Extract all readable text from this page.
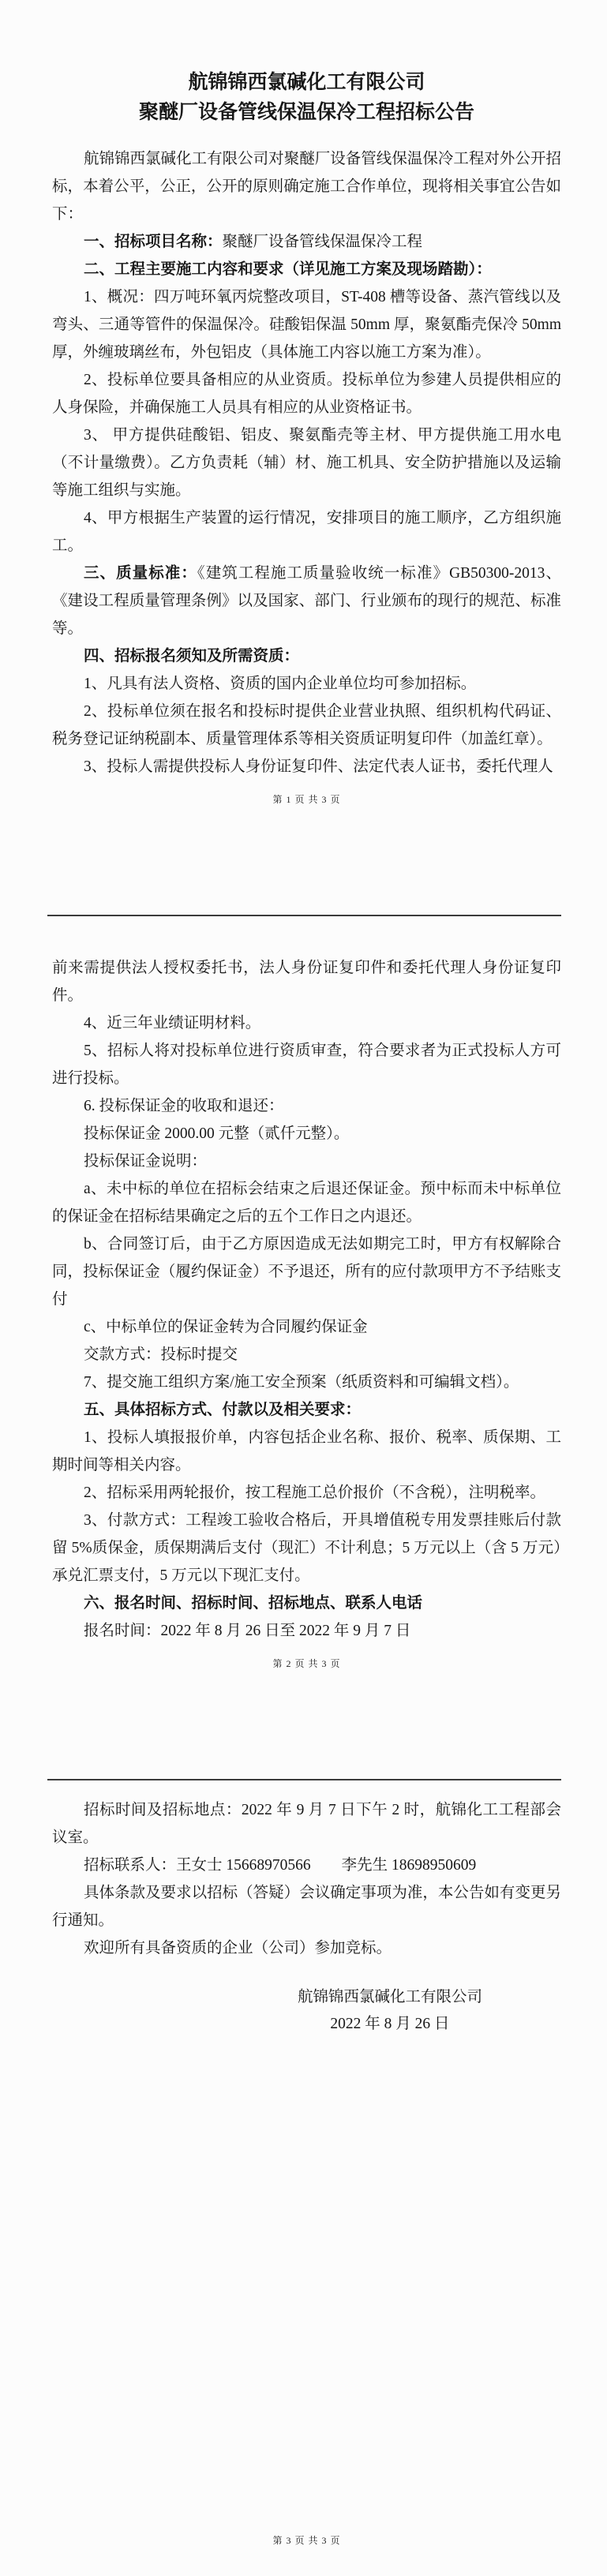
航锦锦西氯碱化工有限公司
聚醚厂设备管线保温保冷工程招标公告

航锦锦西氯碱化工有限公司对聚醚厂设备管线保温保冷工程对外公开招标，本着公平，公正，公开的原则确定施工合作单位，现将相关事宜公告如下：

一、招标项目名称：聚醚厂设备管线保温保冷工程

二、工程主要施工内容和要求（详见施工方案及现场踏勘）：

1、概况：四万吨环氧丙烷整改项目，ST-408 槽等设备、蒸汽管线以及弯头、三通等管件的保温保冷。硅酸铝保温 50mm 厚，聚氨酯壳保冷 50mm 厚，外缠玻璃丝布，外包铝皮（具体施工内容以施工方案为准）。

2、投标单位要具备相应的从业资质。投标单位为参建人员提供相应的人身保险，并确保施工人员具有相应的从业资格证书。

3、 甲方提供硅酸铝、铝皮、聚氨酯壳等主材、甲方提供施工用水电（不计量缴费）。乙方负责耗（辅）材、施工机具、安全防护措施以及运输等施工组织与实施。

4、甲方根据生产装置的运行情况，安排项目的施工顺序，乙方组织施工。

三、质量标准：《建筑工程施工质量验收统一标准》GB50300-2013、《建设工程质量管理条例》以及国家、部门、行业颁布的现行的规范、标准等。

四、招标报名须知及所需资质：

1、凡具有法人资格、资质的国内企业单位均可参加招标。

2、投标单位须在报名和投标时提供企业营业执照、组织机构代码证、税务登记证纳税副本、质量管理体系等相关资质证明复印件（加盖红章）。

3、投标人需提供投标人身份证复印件、法定代表人证书，委托代理人

第 1 页 共 3 页

前来需提供法人授权委托书，法人身份证复印件和委托代理人身份证复印件。

4、近三年业绩证明材料。

5、招标人将对投标单位进行资质审查，符合要求者为正式投标人方可进行投标。

6. 投标保证金的收取和退还：

投标保证金 2000.00 元整（贰仟元整）。

投标保证金说明：

a、未中标的单位在招标会结束之后退还保证金。预中标而未中标单位的保证金在招标结果确定之后的五个工作日之内退还。

b、合同签订后，由于乙方原因造成无法如期完工时，甲方有权解除合同，投标保证金（履约保证金）不予退还，所有的应付款项甲方不予结账支付

c、中标单位的保证金转为合同履约保证金

交款方式：投标时提交

7、提交施工组织方案/施工安全预案（纸质资料和可编辑文档）。

五、具体招标方式、付款以及相关要求：

1、投标人填报报价单，内容包括企业名称、报价、税率、质保期、工期时间等相关内容。

2、招标采用两轮报价，按工程施工总价报价（不含税），注明税率。

3、付款方式：工程竣工验收合格后，开具增值税专用发票挂账后付款留 5%质保金，质保期满后支付（现汇）不计利息；5 万元以上（含 5 万元）承兑汇票支付，5 万元以下现汇支付。

六、报名时间、招标时间、招标地点、联系人电话

报名时间：2022 年 8 月 26 日至 2022 年 9 月 7 日

第 2 页 共 3 页

招标时间及招标地点：2022 年 9 月 7 日下午 2 时，航锦化工工程部会议室。

招标联系人：王女士 15668970566　　李先生 18698950609

具体条款及要求以招标（答疑）会议确定事项为准，本公告如有变更另行通知。

欢迎所有具备资质的企业（公司）参加竞标。

航锦锦西氯碱化工有限公司
2022 年 8 月 26 日
第 3 页 共 3 页
